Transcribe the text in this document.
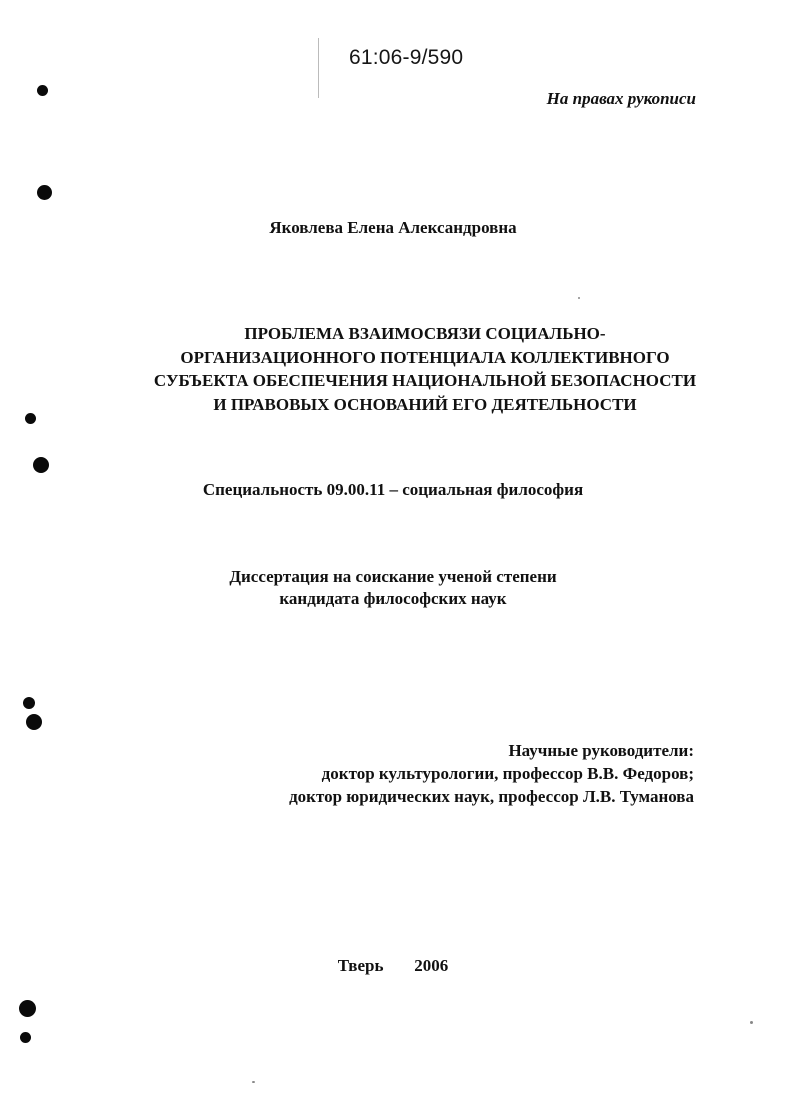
61:06-9/590
На правах рукописи
Яковлева Елена Александровна
ПРОБЛЕМА ВЗАИМОСВЯЗИ СОЦИАЛЬНО-
ОРГАНИЗАЦИОННОГО ПОТЕНЦИАЛА КОЛЛЕКТИВНОГО
СУБЪЕКТА ОБЕСПЕЧЕНИЯ НАЦИОНАЛЬНОЙ БЕЗОПАСНОСТИ
И ПРАВОВЫХ ОСНОВАНИЙ ЕГО ДЕЯТЕЛЬНОСТИ
Специальность 09.00.11 – социальная философия
Диссертация на соискание ученой степени
кандидата философских наук
Научные руководители:
доктор культурологии, профессор В.В. Федоров;
доктор юридических наук, профессор Л.В. Туманова
Тверь   2006
